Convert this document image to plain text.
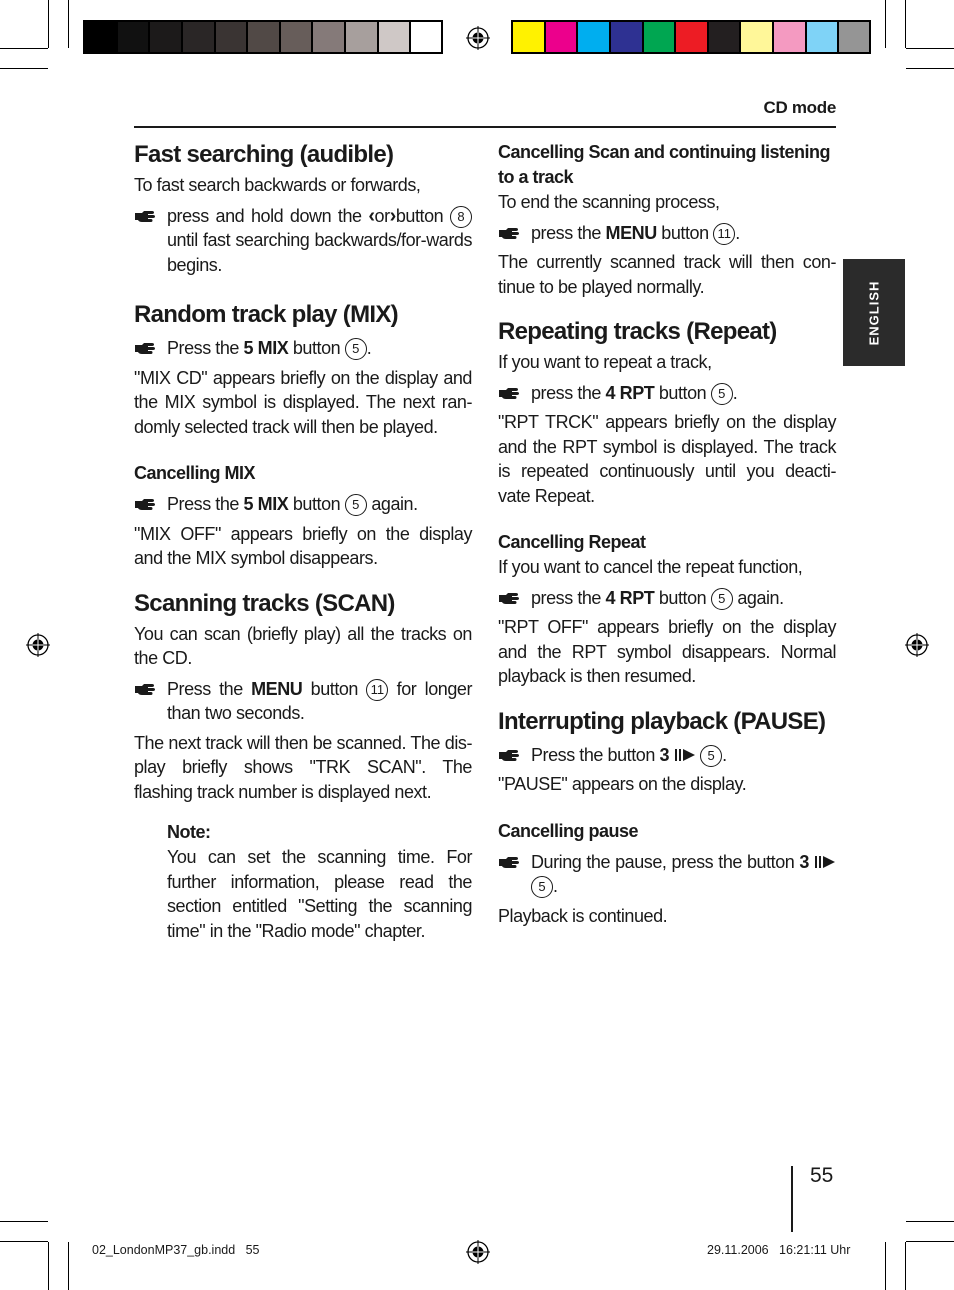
CD mode
ENGLISH
Fast searching (audible)

To fast search backwards or forwards,

press and hold down the ‹or›button 8 until fast searching backwards/for-wards begins.
Random track play (MIX)
Press the 5 MIX button 5 .

"MIX CD" appears briefly on the display and the MIX symbol is displayed. The next ran-domly selected track will then be played.

Cancelling MIX
Press the 5 MIX button 5 again.

"MIX OFF" appears briefly on the display and the MIX symbol disappears.

Scanning tracks (SCAN)

You can scan (briefly play) all the tracks on the CD.

Press the MENU button 11 for longer than two seconds.

The next track will then be scanned. The dis-play briefly shows "TRK SCAN". The flashing track number is displayed next.

Note:

You can set the scanning time. For further information, please read the section entitled "Setting the scanning time" in the "Radio mode" chapter.

Cancelling Scan and continuing listening to a track

To end the scanning process,

press the MENU button 11 .

The currently scanned track will then con-tinue to be played normally.

Repeating tracks (Repeat)

If you want to repeat a track,

press the 4 RPT button 5 .

"RPT TRCK" appears briefly on the display and the RPT symbol is displayed. The track is repeated continuously until you deacti-vate Repeat.

Cancelling Repeat

If you want to cancel the repeat function,

press the 4 RPT button 5 again.

"RPT OFF" appears briefly on the display and the RPT symbol disappears. Normal playback is then resumed.

Interrupting playback (PAUSE)
Press the button 3	5 .

"PAUSE" appears on the display.

Cancelling pause
During the pause, press the button 3  5 .

Playback is continued.

55
02_LondonMP37_gb.indd   55	29.11.2006   16:21:11 Uhr
